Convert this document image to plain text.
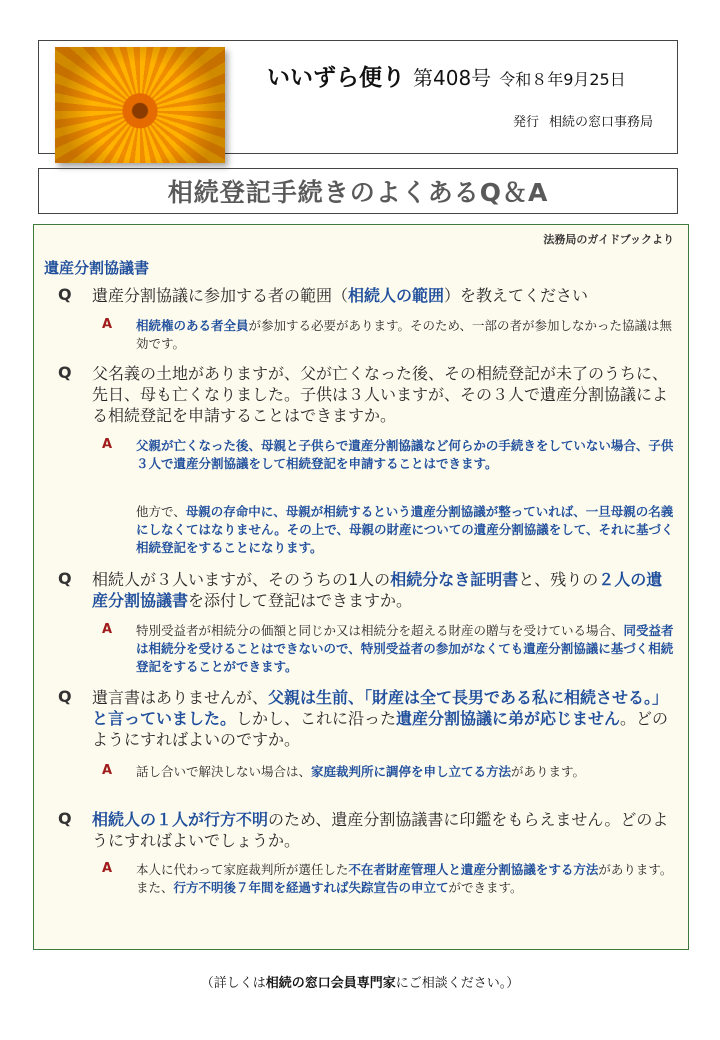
いいずら便り 第408号 令和８年9月25日
発行 相続の窓口事務局
相続登記手続きのよくあるQ＆A
法務局のガイドブックより
遺産分割協議書
Q 遺産分割協議に参加する者の範囲（相続人の範囲）を教えてください
A 相続権のある者全員が参加する必要があります。そのため、一部の者が参加しなかった協議は無効です。
Q 父名義の土地がありますが、父が亡くなった後、その相続登記が未了のうちに、先日、母も亡くなりました。子供は３人いますが、その３人で遺産分割協議による相続登記を申請することはできますか。
A 父親が亡くなった後、母親と子供らで遺産分割協議など何らかの手続きをしていない場合、子供３人で遺産分割協議をして相続登記を申請することはできます。
他方で、母親の存命中に、母親が相続するという遺産分割協議が整っていれば、一旦母親の名義にしなくてはなりません。その上で、母親の財産についての遺産分割協議をして、それに基づく相続登記をすることになります。
Q 相続人が３人いますが、そのうちの1人の相続分なき証明書と、残りの２人の遺産分割協議書を添付して登記はできますか。
A 特別受益者が相続分の価額と同じか又は相続分を超える財産の贈与を受けている場合、同受益者は相続分を受けることはできないので、特別受益者の参加がなくても遺産分割協議に基づく相続登記をすることができます。
Q 遺言書はありませんが、父親は生前、「財産は全て長男である私に相続させる。」と言っていました。しかし、これに沿った遺産分割協議に弟が応じません。どのようにすればよいのですか。
A 話し合いで解決しない場合は、家庭裁判所に調停を申し立てる方法があります。
Q 相続人の１人が行方不明のため、遺産分割協議書に印鑑をもらえません。どのようにすればよいでしょうか。
A 本人に代わって家庭裁判所が選任した不在者財産管理人と遺産分割協議をする方法があります。また、行方不明後７年間を経過すれば失踪宣告の申立てができます。
（詳しくは相続の窓口会員専門家にご相談ください。）
